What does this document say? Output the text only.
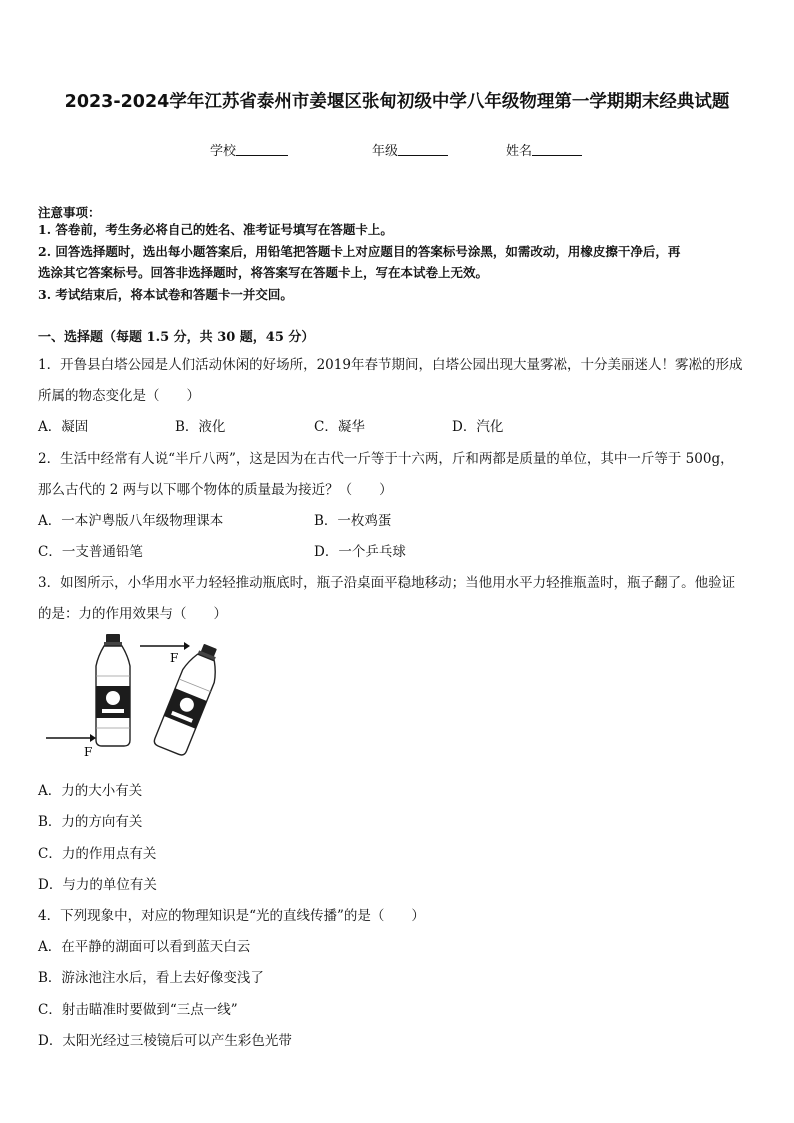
2023-2024学年江苏省泰州市姜堰区张甸初级中学八年级物理第一学期期末经典试题
学校	年级	姓名
注意事项：
1. 答卷前，考生务必将自己的姓名、准考证号填写在答题卡上。
2. 回答选择题时，选出每小题答案后，用铅笔把答题卡上对应题目的答案标号涂黑，如需改动，用橡皮擦干净后，再
选涂其它答案标号。回答非选择题时，将答案写在答题卡上，写在本试卷上无效。
3. 考试结束后，将本试卷和答题卡一并交回。
一、选择题（每题 1.5 分，共 30 题，45 分）
1．开鲁县白塔公园是人们活动休闲的好场所，2019年春节期间，白塔公园出现大量雾凇，十分美丽迷人！雾凇的形成
所属的物态变化是（　　）
A．凝固	B．液化	C．凝华	D．汽化
2．生活中经常有人说“半斤八两”，这是因为在古代一斤等于十六两，斤和两都是质量的单位，其中一斤等于 500g，
那么古代的 2 两与以下哪个物体的质量最为接近？（　　）
A．一本沪粤版八年级物理课本	B．一枚鸡蛋
C．一支普通铅笔	D．一个乒乓球
3．如图所示，小华用水平力轻轻推动瓶底时，瓶子沿桌面平稳地移动；当他用水平力轻推瓶盖时，瓶子翻了。他验证
的是：力的作用效果与（　　）
F
F
A．力的大小有关
B．力的方向有关
C．力的作用点有关
D．与力的单位有关
4．下列现象中，对应的物理知识是“光的直线传播”的是（　　）
A．在平静的湖面可以看到蓝天白云
B．游泳池注水后，看上去好像变浅了
C．射击瞄准时要做到“三点一线”
D．太阳光经过三棱镜后可以产生彩色光带
